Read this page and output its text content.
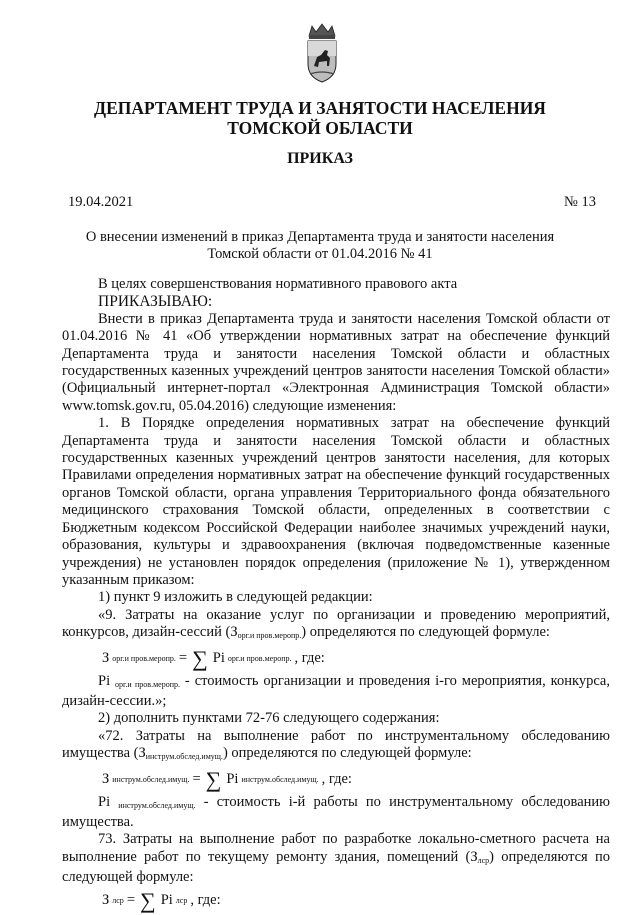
ДЕПАРТАМЕНТ ТРУДА И ЗАНЯТОСТИ НАСЕЛЕНИЯ
ТОМСКОЙ ОБЛАСТИ
ПРИКАЗ
19.04.2021	№ 13
О внесении изменений в приказ Департамента труда и занятости населения
Томской области от 01.04.2016 № 41

В целях совершенствования нормативного правового акта

ПРИКАЗЫВАЮ:

Внести в приказ Департамента труда и занятости населения Томской области от 01.04.2016 № 41 «Об утверждении нормативных затрат на обеспечение функций Департамента труда и занятости населения Томской области и областных государственных казенных учреждений центров занятости населения Томской области» (Официальный интернет-портал «Электронная Администрация Томской области» www.tomsk.gov.ru, 05.04.2016) следующие изменения:

1. В Порядке определения нормативных затрат на обеспечение функций Департамента труда и занятости населения Томской области и областных государственных казенных учреждений центров занятости населения, для которых Правилами определения нормативных затрат на обеспечение функций государственных органов Томской области, органа управления Территориального фонда обязательного медицинского страхования Томской области, определенных в соответствии с Бюджетным кодексом Российской Федерации наиболее значимых учреждений науки, образования, культуры и здравоохранения (включая подведомственные казенные учреждения) не установлен порядок определения (приложение № 1), утвержденном указанным приказом:

1) пункт 9 изложить в следующей редакции:

«9. Затраты на оказание услуг по организации и проведению мероприятий, конкурсов, дизайн-сессий $(З_{орг.и пров.меропр.})$ определяются по следующей формуле:

З орг.и пров.меропр. = ∑ Pi орг.и пров.меропр. , где:

Pi $_{орг.и пров.меропр.}$ - стоимость организации и проведения i-го мероприятия, конкурса, дизайн-сессии.»;

2) дополнить пунктами 72-76 следующего содержания:

«72. Затраты на выполнение работ по инструментальному обследованию имущества $(З_{инструм.обслед.имущ.})$ определяются по следующей формуле:

З инструм.обслед.имущ. = ∑ Pi инструм.обслед.имущ. , где:

Pi $_{инструм.обслед.имущ.}$ - стоимость i-й работы по инструментальному обследованию имущества.

73. Затраты на выполнение работ по разработке локально-сметного расчета на выполнение работ по текущему ремонту здания, помещений $(З_{лср})$ определяются по следующей формуле:

З лср = ∑ Pi лср , где:
